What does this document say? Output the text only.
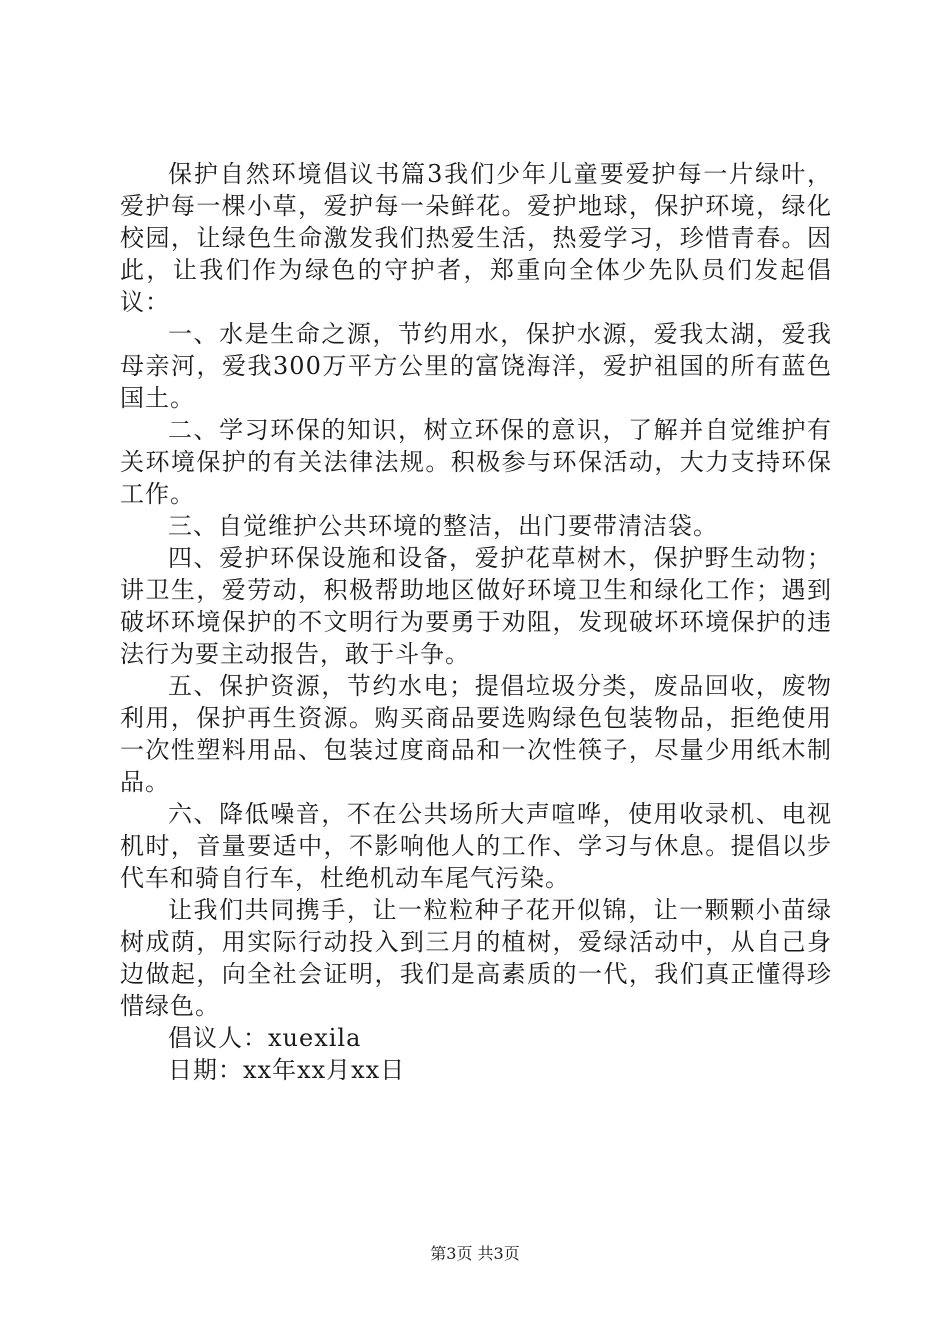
保护自然环境倡议书篇3我们少年儿童要爱护每一片绿叶，爱护每一棵小草，爱护每一朵鲜花。爱护地球，保护环境，绿化校园，让绿色生命激发我们热爱生活，热爱学习，珍惜青春。因此，让我们作为绿色的守护者，郑重向全体少先队员们发起倡议：

一、水是生命之源，节约用水，保护水源，爱我太湖，爱我母亲河，爱我300万平方公里的富饶海洋，爱护祖国的所有蓝色国土。

二、学习环保的知识，树立环保的意识，了解并自觉维护有关环境保护的有关法律法规。积极参与环保活动，大力支持环保工作。

三、自觉维护公共环境的整洁，出门要带清洁袋。

四、爱护环保设施和设备，爱护花草树木，保护野生动物；讲卫生，爱劳动，积极帮助地区做好环境卫生和绿化工作；遇到破坏环境保护的不文明行为要勇于劝阻，发现破坏环境保护的违法行为要主动报告，敢于斗争。

五、保护资源，节约水电；提倡垃圾分类，废品回收，废物利用，保护再生资源。购买商品要选购绿色包装物品，拒绝使用一次性塑料用品、包装过度商品和一次性筷子，尽量少用纸木制品。

六、降低噪音，不在公共场所大声喧哗，使用收录机、电视机时，音量要适中，不影响他人的工作、学习与休息。提倡以步代车和骑自行车，杜绝机动车尾气污染。

让我们共同携手，让一粒粒种子花开似锦，让一颗颗小苗绿树成荫，用实际行动投入到三月的植树，爱绿活动中，从自己身边做起，向全社会证明，我们是高素质的一代，我们真正懂得珍惜绿色。

倡议人：xuexila

日期：xx年xx月xx日

第3页 共3页
